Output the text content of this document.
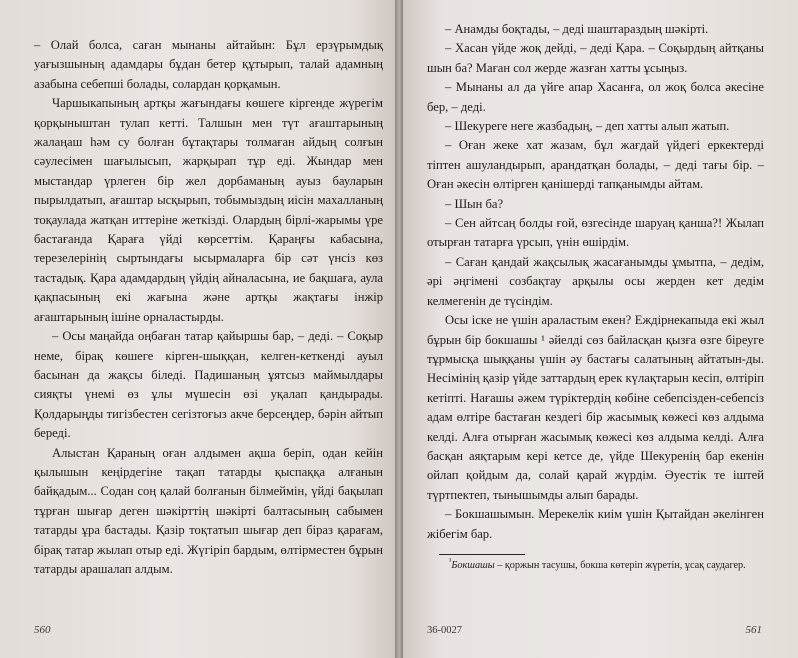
– Олай болса, саған мынаны айтайын: Бұл ерзүрымдық уағызшының адамдары бұдан бетер құтырып, талай адамның азабына себепші болады, солардан қорқамын.

Чаршыкапының артқы жағындағы көшеге кіргенде жүрегім қорқыныштан тулап кетті. Талшын мен түт ағаштарының жалаңаш һәм су болған бұтақтары толмаған айдың солғын сәулесімен шағылысып, жарқырап тұр еді. Жындар мен мыстандар үрлеген бір жел дорбаманың ауыз бауларын пырылдатып, ағаштар ысқырып, тобымыздың иісін махалланың тоқаулада жатқан иттеріне жеткізді. Олардың бірлі-жарымы үре бастағанда Қараға үйді көрсеттім. Қараңғы кабасына, терезелерінің сыртындағы ысырмаларға бір сәт үнсіз көз тастадық. Қара адамдардың үйдің айналасына, ие бақшаға, аула қақпасының екі жағына және артқы жақтағы інжір ағаштарының ішіне орналастырды.

– Осы маңайда оңбаған татар қайыршы бар, – деді. – Соқыр неме, бірақ көшеге кірген-шыққан, келген-кеткенді ауыл басынан да жақсы біледі. Падишаның ұятсыз маймылдары сияқты үнемі өз ұлы мүшесін өзі уқалап қандырады. Қолдарыңды тигізбестен сегізтоғыз акче берсеңдер, бәрін айтып береді.

Алыстан Қараның оған алдымен ақша беріп, одан кейін қылышын кеңірдегіне тақап татарды қыспаққа алғанын байқадым... Содан соң қалай болғанын білмеймін, үйді бақылап тұрған шығар деген шәкірттің шәкірті балтасының сабымен татарды ұра бастады. Қазір тоқтатып шығар деп біраз қарағам, бірақ татар жылап отыр еді. Жүгіріп бардым, өлтірместен бұрын татарды арашалап алдым.

560

– Анамды боқтады, – деді шаштараздың шәкірті.

– Хасан үйде жоқ дейді, – деді Қара. – Соқырдың айтқаны шын ба? Маған сол жерде жазған хатты ұсыңыз.

– Мынаны ал да үйге апар Хасанға, ол жоқ болса әкесіне бер, – деді.

– Шекуреге неге жазбадың, – деп хатты алып жатып.

– Оған жеке хат жазам, бұл жағдай үйдегі еркектерді тіптен ашуландырып, арандатқан болады, – деді тағы бір. – Оған әкесін өлтірген қанішерді тапқанымды айтам.

– Шын ба?

– Сен айтсаң болды ғой, өзгесінде шаруаң қанша?! Жылап отырған татарға үрсып, үнін өшірдім.

– Саған қандай жақсылық жасағанымды ұмытпа, – дедім, әрі әңгімені созбақтау арқылы осы жерден кет дедім келмегенін де түсіндім.

Осы іске не үшін араластым екен? Еждірнекапыда екі жыл бұрын бір бокшашы ¹ әйелді сөз байласқан қызға өзге біреуге тұрмысқа шыққаны үшін әу бастағы салатының айтатын-ды. Несімінің қазір үйде заттардың ерек күлақтарын кесіп, өлтіріп кетіпті. Нағашы әжем түріктердің көбіне себепсізден-себепсіз адам өлтіре бастаған кездегі бір жасымық көжесі көз алдыма келді. Алға отырған жасымық көжесі көз алдыма келді. Алға басқан аяқтарым кері кетсе де, үйде Шекуренің бар екенін ойлап қойдым да, солай қарай жүрдім. Әуестік те іштей түртпектеп, тынышымды алып барады.

– Бокшашымын. Мерекелік киім үшін Қытайдан әкелінген жібегім бар.

$^{^1}$Бокшашы – қоржын тасушы, бокша көтеріп жүретін, ұсақ саудагер.

36-0027	561
